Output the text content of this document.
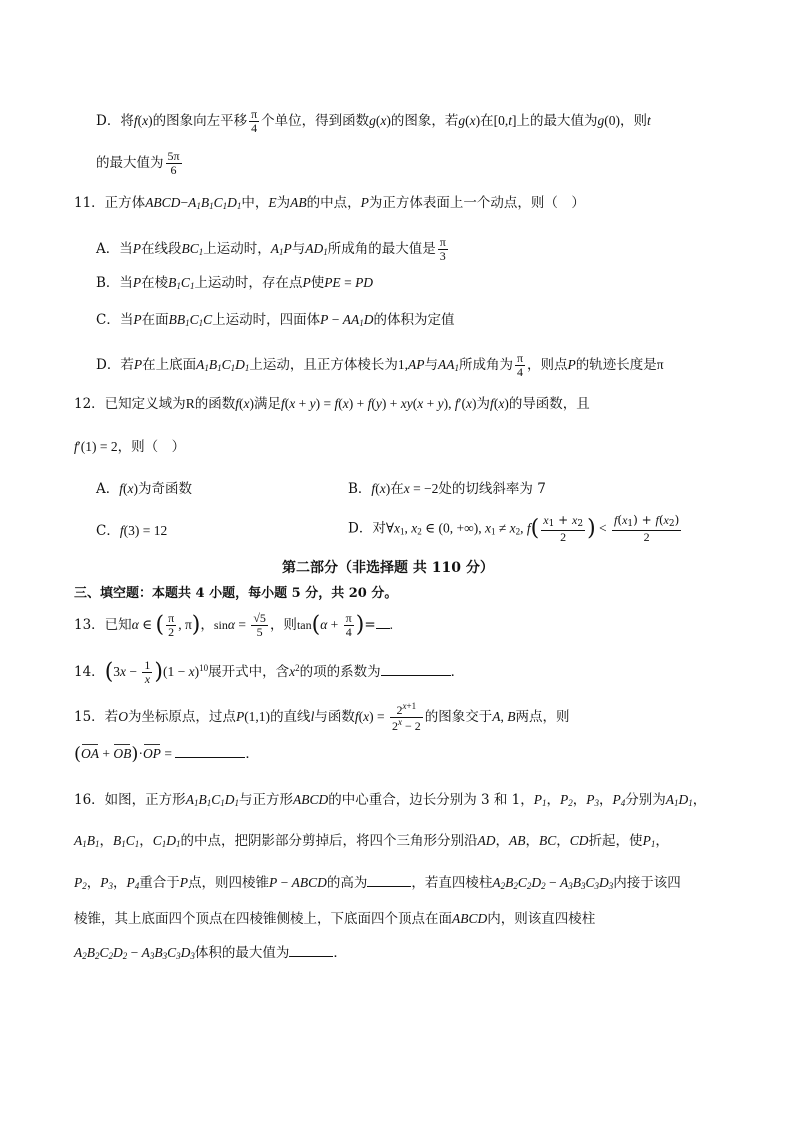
D．将f(x)的图象向左平移 $\frac{\pi}{4}$ 个单位，得到函数g(x)的图象，若g(x)在[0,t]上的最大值为g(0)，则t
的最大值为 $\frac{5\pi}{6}$
11．正方体$ABCD-A_1B_1C_1D_1$中，E为AB的中点，P为正方体表面上一个动点，则（　）
A．当P在线段$BC_1$上运动时，$A_1P$与$AD_1$所成角的最大值是 $\frac{\pi}{3}$
B．当P在棱$B_1C_1$上运动时，存在点P使PE = PD
C．当P在面$BB_1C_1C$上运动时，四面体$P - AA_1D$的体积为定值
D．若P在上底面$A_1B_1C_1D_1$上运动，且正方体棱长为1,AP与$AA_1$所成角为 $\frac{\pi}{4}$ ，则点P的轨迹长度是π
12．已知定义域为R的函数f(x)满足f(x + y) = f(x) + f(y) + xy(x + y), f′(x)为f(x)的导函数，且
f′(1) = 2，则（　）
A．f(x)为奇函数	B．f(x)在x = −2处的切线斜率为 7
C．f(3) = 12	D．对$\forall x_1$, $x_2$ ∈ (0, +∞), $x_1 \ne x_2$, $f( \frac{x_1 + x_2}{2}$ ) < $\frac{f(x_1) + f(x_2)}{2}$
第二部分（非选择题 共 110 分）
三、填空题：本题共 4 小题，每小题 5 分，共 20 分。
13．已知α ∈ ( $\frac{\pi}{2}$ , π)，$\sin\alpha = \frac{√5}{5}$ ，则$\tan(\alpha + \frac{\pi}{4}$ )= .
14．$(3x - \frac{1}{x} )(1 - x)^{10}$展开式中，含$x^2$的项的系数为	．
15．若O为坐标原点，过点P(1,1)的直线l与函数$f(x) = \frac{2^{x+1}}{2^x - 2}$ 的图象交于A, B两点，则
(OA + OB)·OP =	．
16．如图，正方形$A_1B_1C_1D_1$与正方形ABCD的中心重合，边长分别为 3 和 1，$P_1$，$P_2$，$P_3$，$P_4$分别为$A_1D_1$，
$A_1B_1$，$B_1C_1$，$C_1D_1$的中点，把阴影部分剪掉后，将四个三角形分别沿AD，AB，BC，CD折起，使$P_1$，
$P_2$，$P_3$，$P_4$重合于P点，则四棱锥P − ABCD的高为	，若直四棱柱$A_2B_2C_2D_2 - A_3B_3C_3D_3$内接于该四
棱锥，其上底面四个顶点在四棱锥侧棱上，下底面四个顶点在面ABCD内，则该直四棱柱
$A_2B_2C_2D_2 - A_3B_3C_3D_3$体积的最大值为	．
